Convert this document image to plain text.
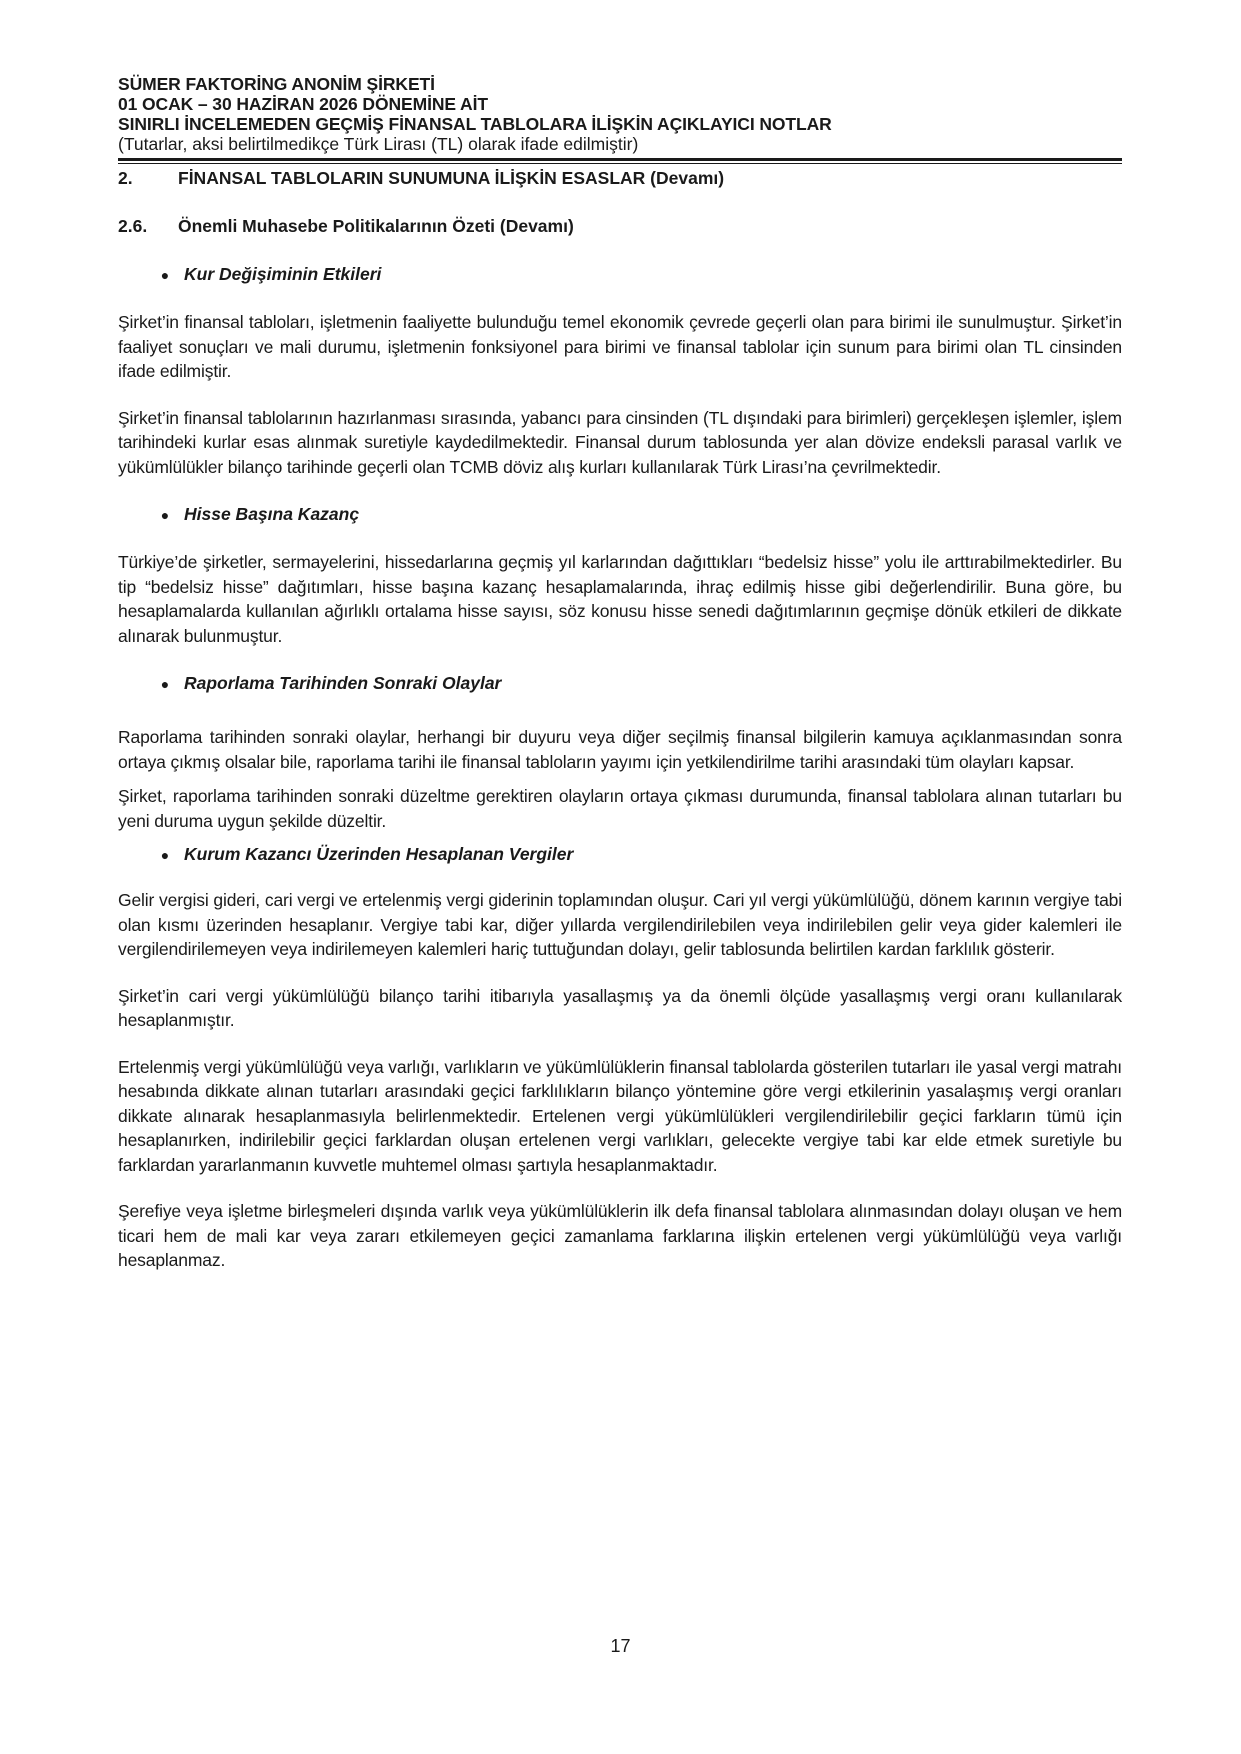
SÜMER FAKTORİNG ANONİM ŞİRKETİ
01 OCAK – 30 HAZİRAN 2026 DÖNEMİNE AİT
SINIRLI İNCELEMEDEN GEÇMİŞ FİNANSAL TABLOLARA İLİŞKİN AÇIKLAYICI NOTLAR
(Tutarlar, aksi belirtilmedikçe Türk Lirası (TL) olarak ifade edilmiştir)
2.	FİNANSAL TABLOLARIN SUNUMUNA İLİŞKİN ESASLAR (Devamı)
2.6.	Önemli Muhasebe Politikalarının Özeti (Devamı)
● Kur Değişiminin Etkileri

Şirket’in finansal tabloları, işletmenin faaliyette bulunduğu temel ekonomik çevrede geçerli olan para birimi ile sunulmuştur. Şirket’in faaliyet sonuçları ve mali durumu, işletmenin fonksiyonel para birimi ve finansal tablolar için sunum para birimi olan TL cinsinden ifade edilmiştir.

Şirket’in finansal tablolarının hazırlanması sırasında, yabancı para cinsinden (TL dışındaki para birimleri) gerçekleşen işlemler, işlem tarihindeki kurlar esas alınmak suretiyle kaydedilmektedir. Finansal durum tablosunda yer alan dövize endeksli parasal varlık ve yükümlülükler bilanço tarihinde geçerli olan TCMB döviz alış kurları kullanılarak Türk Lirası’na çevrilmektedir.

● Hisse Başına Kazanç

Türkiye’de şirketler, sermayelerini, hissedarlarına geçmiş yıl karlarından dağıttıkları “bedelsiz hisse” yolu ile arttırabilmektedirler. Bu tip “bedelsiz hisse” dağıtımları, hisse başına kazanç hesaplamalarında, ihraç edilmiş hisse gibi değerlendirilir. Buna göre, bu hesaplamalarda kullanılan ağırlıklı ortalama hisse sayısı, söz konusu hisse senedi dağıtımlarının geçmişe dönük etkileri de dikkate alınarak bulunmuştur.

● Raporlama Tarihinden Sonraki Olaylar

Raporlama tarihinden sonraki olaylar, herhangi bir duyuru veya diğer seçilmiş finansal bilgilerin kamuya açıklanmasından sonra ortaya çıkmış olsalar bile, raporlama tarihi ile finansal tabloların yayımı için yetkilendirilme tarihi arasındaki tüm olayları kapsar.

Şirket, raporlama tarihinden sonraki düzeltme gerektiren olayların ortaya çıkması durumunda, finansal tablolara alınan tutarları bu yeni duruma uygun şekilde düzeltir.

● Kurum Kazancı Üzerinden Hesaplanan Vergiler

Gelir vergisi gideri, cari vergi ve ertelenmiş vergi giderinin toplamından oluşur. Cari yıl vergi yükümlülüğü, dönem karının vergiye tabi olan kısmı üzerinden hesaplanır. Vergiye tabi kar, diğer yıllarda vergilendirilebilen veya indirilebilen gelir veya gider kalemleri ile vergilendirilemeyen veya indirilemeyen kalemleri hariç tuttuğundan dolayı, gelir tablosunda belirtilen kardan farklılık gösterir.

Şirket’in cari vergi yükümlülüğü bilanço tarihi itibarıyla yasallaşmış ya da önemli ölçüde yasallaşmış vergi oranı kullanılarak hesaplanmıştır.

Ertelenmiş vergi yükümlülüğü veya varlığı, varlıkların ve yükümlülüklerin finansal tablolarda gösterilen tutarları ile yasal vergi matrahı hesabında dikkate alınan tutarları arasındaki geçici farklılıkların bilanço yöntemine göre vergi etkilerinin yasalaşmış vergi oranları dikkate alınarak hesaplanmasıyla belirlenmektedir. Ertelenen vergi yükümlülükleri vergilendirilebilir geçici farkların tümü için hesaplanırken, indirilebilir geçici farklardan oluşan ertelenen vergi varlıkları, gelecekte vergiye tabi kar elde etmek suretiyle bu farklardan yararlanmanın kuvvetle muhtemel olması şartıyla hesaplanmaktadır.

Şerefiye veya işletme birleşmeleri dışında varlık veya yükümlülüklerin ilk defa finansal tablolara alınmasından dolayı oluşan ve hem ticari hem de mali kar veya zararı etkilemeyen geçici zamanlama farklarına ilişkin ertelenen vergi yükümlülüğü veya varlığı hesaplanmaz.

17
